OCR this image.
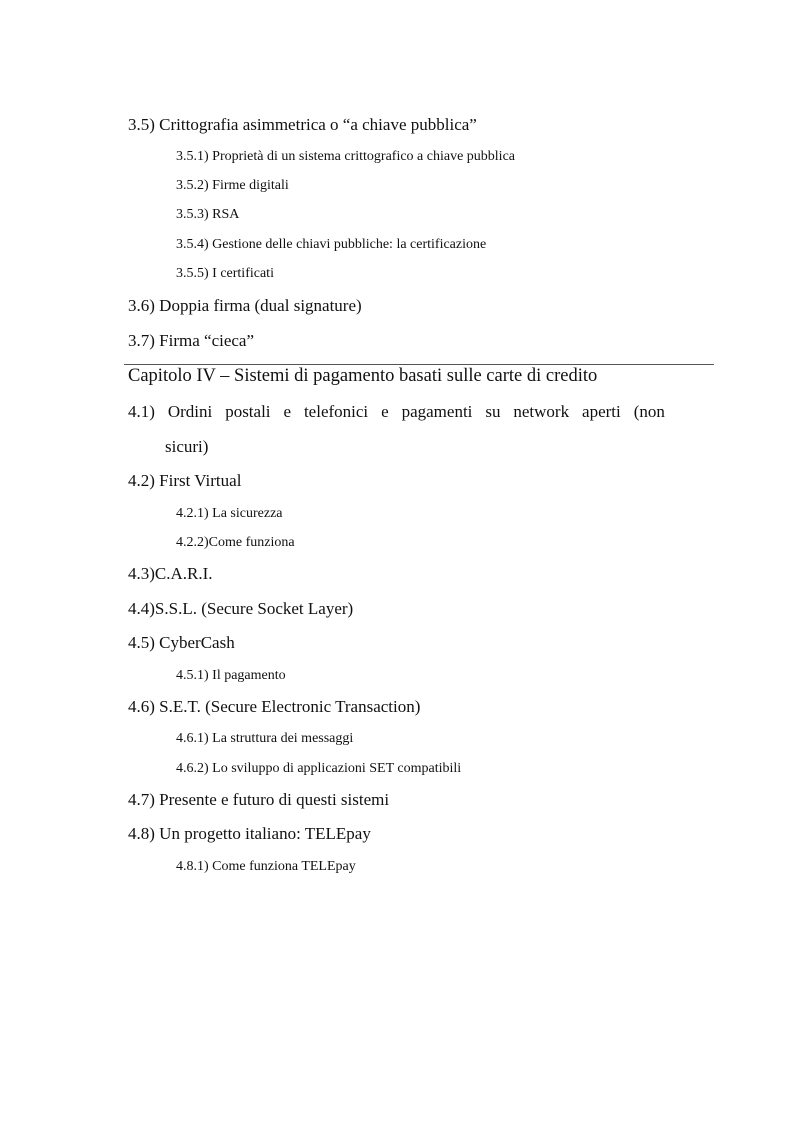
3.5) Crittografia asimmetrica o “a chiave pubblica”
3.5.1) Proprietà di un sistema crittografico a chiave pubblica
3.5.2) Firme digitali
3.5.3) RSA
3.5.4) Gestione delle chiavi pubbliche: la certificazione
3.5.5) I certificati
3.6) Doppia firma (dual signature)
3.7) Firma “cieca”
Capitolo IV – Sistemi di pagamento basati sulle carte di credito
4.1) Ordini postali e telefonici e pagamenti su network aperti (non
sicuri)
4.2) First Virtual
4.2.1) La sicurezza
4.2.2)Come funziona
4.3)C.A.R.I.
4.4)S.S.L. (Secure Socket Layer)
4.5) CyberCash
4.5.1) Il pagamento
4.6) S.E.T. (Secure Electronic Transaction)
4.6.1) La struttura dei messaggi
4.6.2) Lo sviluppo di applicazioni SET compatibili
4.7) Presente e futuro di questi sistemi
4.8) Un progetto italiano: TELEpay
4.8.1) Come funziona TELEpay
